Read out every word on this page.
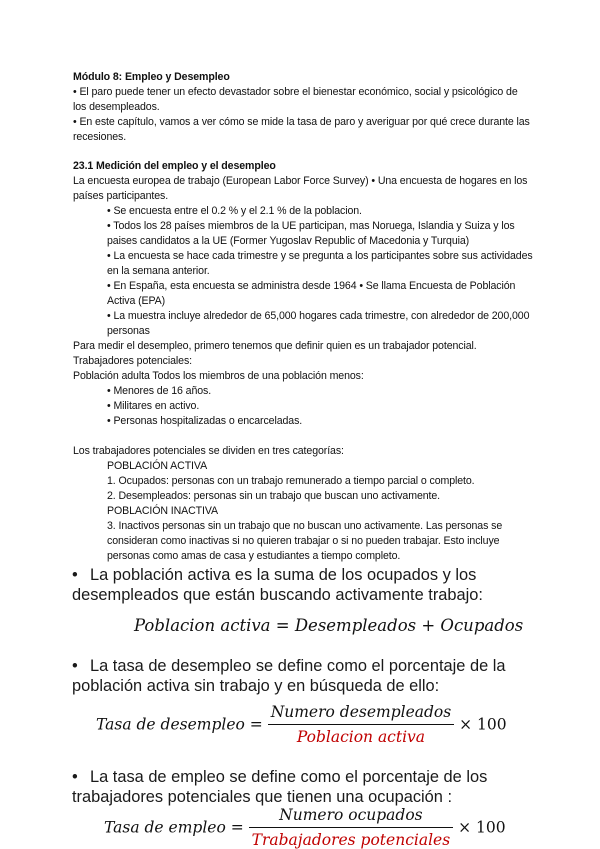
Módulo 8: Empleo y Desempleo

• El paro puede tener un efecto devastador sobre el bienestar económico, social y psicológico de los desempleados.

• En este capítulo, vamos a ver cómo se mide la tasa de paro y averiguar por qué crece durante las recesiones.

23.1 Medición del empleo y el desempleo

La encuesta europea de trabajo (European Labor Force Survey) • Una encuesta de hogares en los países participantes.

• Se encuesta entre el 0.2 % y el 2.1 % de la poblacion.

• Todos los 28 países miembros de la UE participan, mas Noruega, Islandia y Suiza y los paises candidatos a la UE (Former Yugoslav Republic of Macedonia y Turquia)

• La encuesta se hace cada trimestre y se pregunta a los participantes sobre sus actividades en la semana anterior.

• En España, esta encuesta se administra desde 1964 • Se llama Encuesta de Población Activa (EPA)

• La muestra incluye alrededor de 65,000 hogares cada trimestre, con alrededor de 200,000 personas

Para medir el desempleo, primero tenemos que definir quien es un trabajador potencial.

Trabajadores potenciales:

Población adulta Todos los miembros de una población menos:

• Menores de 16 años.

• Militares en activo.

• Personas hospitalizadas o encarceladas.

Los trabajadores potenciales se dividen en tres categorías:

POBLACIÓN ACTIVA

1. Ocupados: personas con un trabajo remunerado a tiempo parcial o completo.

2. Desempleados: personas sin un trabajo que buscan uno activamente.

POBLACIÓN INACTIVA

3. Inactivos personas sin un trabajo que no buscan uno activamente. Las personas se consideran como inactivas si no quieren trabajar o si no pueden trabajar. Esto incluye personas como amas de casa y estudiantes a tiempo completo.

• La población activa es la suma de los ocupados y los desempleados que están buscando activamente trabajo:
Poblacion activa = Desempleados + Ocupados
• La tasa de desempleo se define como el porcentaje de la población activa sin trabajo y en búsqueda de ello:
Tasa de desempleo = $\frac{\text{Numero desempleados}}{\text{Poblacion activa}} \times 100$
• La tasa de empleo se define como el porcentaje de los trabajadores potenciales que tienen una ocupación :
Tasa de empleo = $\frac{\text{Numero ocupados}}{\text{Trabajadores potenciales}} \times 100$
